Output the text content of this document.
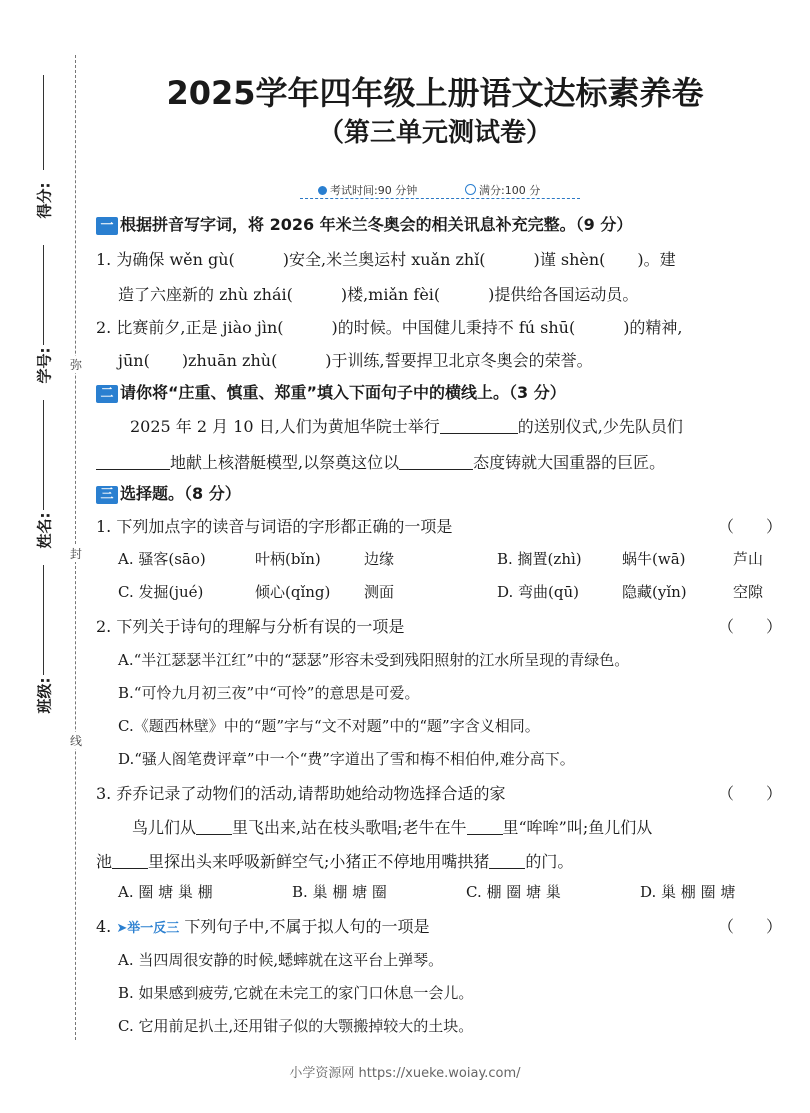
得分:
学号:
姓名:
班级:
弥
封
线
2025学年四年级上册语文达标素养卷
（第三单元测试卷）
考试时间:90 分钟	满分:100 分
一 根据拼音写字词，将 2026 年米兰冬奥会的相关讯息补充完整。（9 分）
1. 为确保 wěn gù(　　　)安全,米兰奥运村 xuǎn zhǐ(　　　)谨 shèn(　　)。建
造了六座新的 zhù zhái(　　　)楼,miǎn fèi(　　　)提供给各国运动员。
2. 比赛前夕,正是 jiào jìn(　　　)的时候。中国健儿秉持不 fú shū(　　　)的精神,
jūn(　　)zhuān zhù(　　　)于训练,誓要捍卫北京冬奥会的荣誉。
二 请你将“庄重、慎重、郑重”填入下面句子中的横线上。（3 分）
2025 年 2 月 10 日,人们为黄旭华院士举行	的送别仪式,少先队员们
地献上核潜艇模型,以祭奠这位以	态度铸就大国重器的巨匠。
三 选择题。（8 分）
1. 下列加点字的读音与词语的字形都正确的一项是	（　　）
A. 骚客(sāo)	叶柄(bǐn)	边缘	B. 搁置(zhì)	蜗牛(wā)	芦山
C. 发掘(jué)	倾心(qǐng) 测面	D. 弯曲(qū)	隐藏(yǐn)	空隙
2. 下列关于诗句的理解与分析有误的一项是	（　　）
A.“半江瑟瑟半江红”中的“瑟瑟”形容未受到残阳照射的江水所呈现的青绿色。
B.“可怜九月初三夜”中“可怜”的意思是可爱。
C.《题西林壁》中的“题”字与“文不对题”中的“题”字含义相同。
D.“骚人阁笔费评章”中一个“费”字道出了雪和梅不相伯仲,难分高下。
3. 乔乔记录了动物们的活动,请帮助她给动物选择合适的家	（　　）
鸟儿们从 里飞出来,站在枝头歌唱;老牛在牛 里“哞哞”叫;鱼儿们从
池 里探出头来呼吸新鲜空气;小猪正不停地用嘴拱猪 的门。
A. 圈 塘 巢 棚	B. 巢 棚 塘 圈	C. 棚 圈 塘 巢	D. 巢 棚 圈 塘
4. ➤举一反三 下列句子中,不属于拟人句的一项是	（　　）
A. 当四周很安静的时候,蟋蟀就在这平台上弹琴。
B. 如果感到疲劳,它就在未完工的家门口休息一会儿。
C. 它用前足扒土,还用钳子似的大颚搬掉较大的土块。
小学资源网 https://xueke.woiay.com/
